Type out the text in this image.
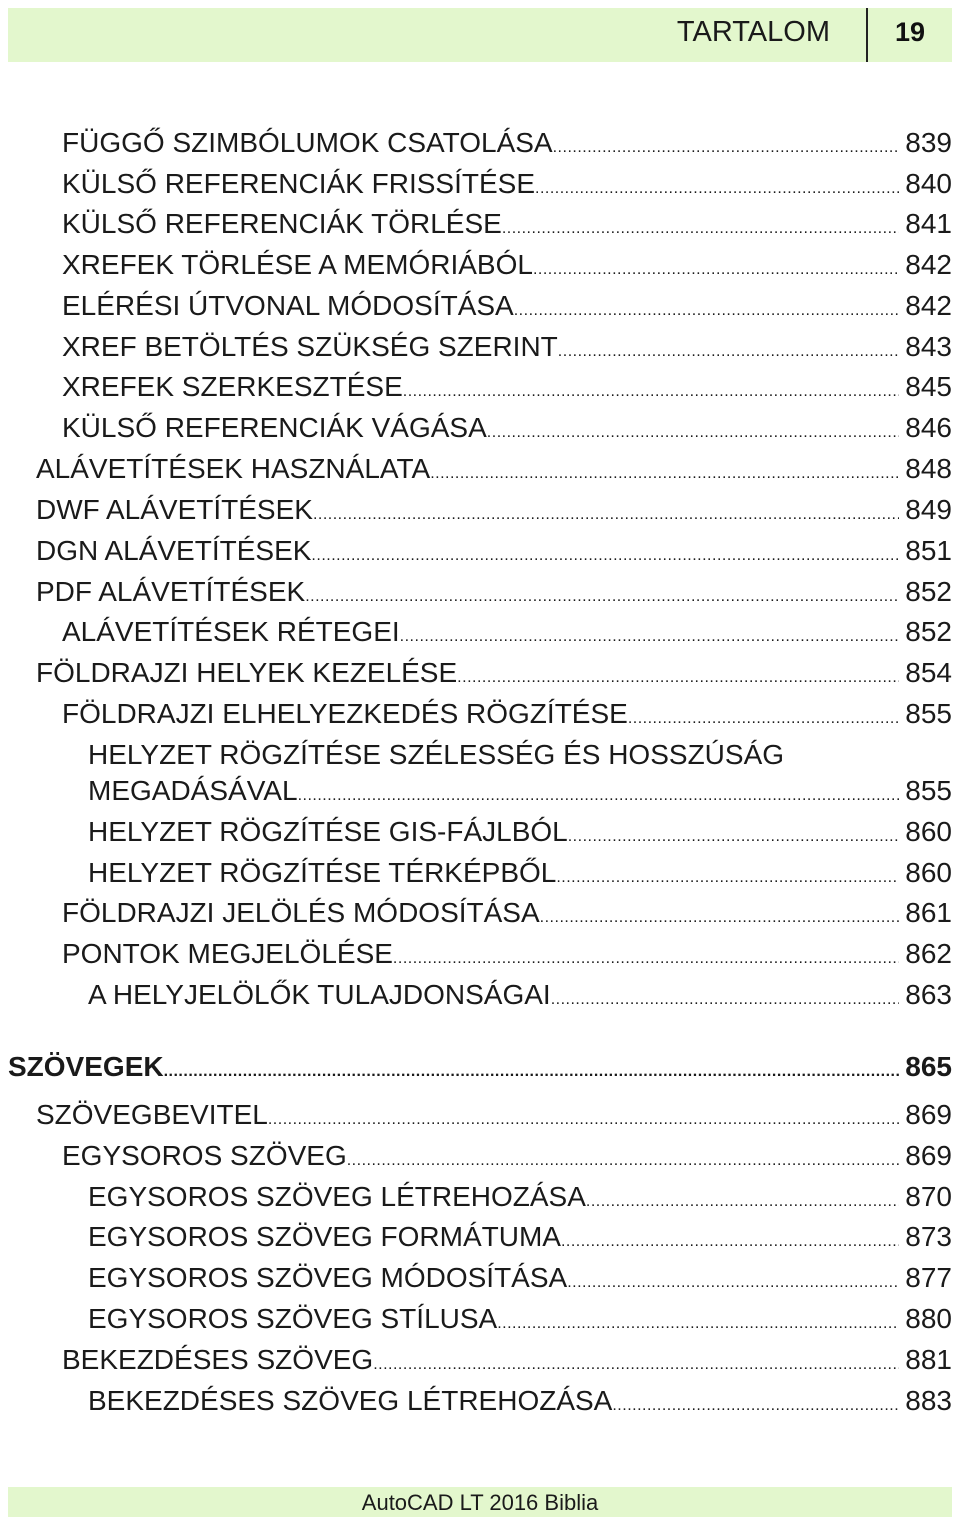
TARTALOM	19
FÜGGŐ SZIMBÓLUMOK CSATOLÁSA .....	839
KÜLSŐ REFERENCIÁK FRISSÍTÉSE .....	840
KÜLSŐ REFERENCIÁK TÖRLÉSE .....	841
XREFEK TÖRLÉSE A MEMÓRIÁBÓL .....	842
ELÉRÉSI ÚTVONAL MÓDOSÍTÁSA .....	842
XREF BETÖLTÉS SZÜKSÉG SZERINT .....	843
XREFEK SZERKESZTÉSE .....	845
KÜLSŐ REFERENCIÁK VÁGÁSA .....	846
ALÁVETÍTÉSEK HASZNÁLATA .....	848
DWF ALÁVETÍTÉSEK .....	849
DGN ALÁVETÍTÉSEK .....	851
PDF ALÁVETÍTÉSEK .....	852
ALÁVETÍTÉSEK RÉTEGEI .....	852
FÖLDRAJZI HELYEK KEZELÉSE .....	854
FÖLDRAJZI ELHELYEZKEDÉS RÖGZÍTÉSE .....	855
HELYZET RÖGZÍTÉSE SZÉLESSÉG ÉS HOSSZÚSÁG
MEGADÁSÁVAL .....	855
HELYZET RÖGZÍTÉSE GIS-FÁJLBÓL .....	860
HELYZET RÖGZÍTÉSE TÉRKÉPBŐL .....	860
FÖLDRAJZI JELÖLÉS MÓDOSÍTÁSA .....	861
PONTOK MEGJELÖLÉSE .....	862
A HELYJELÖLŐK TULAJDONSÁGAI .....	863
SZÖVEGEK .....	865
SZÖVEGBEVITEL .....	869
EGYSOROS SZÖVEG .....	869
EGYSOROS SZÖVEG LÉTREHOZÁSA .....	870
EGYSOROS SZÖVEG FORMÁTUMA .....	873
EGYSOROS SZÖVEG MÓDOSÍTÁSA .....	877
EGYSOROS SZÖVEG STÍLUSA .....	880
BEKEZDÉSES SZÖVEG .....	881
BEKEZDÉSES SZÖVEG LÉTREHOZÁSA .....	883
AutoCAD LT 2016 Biblia
